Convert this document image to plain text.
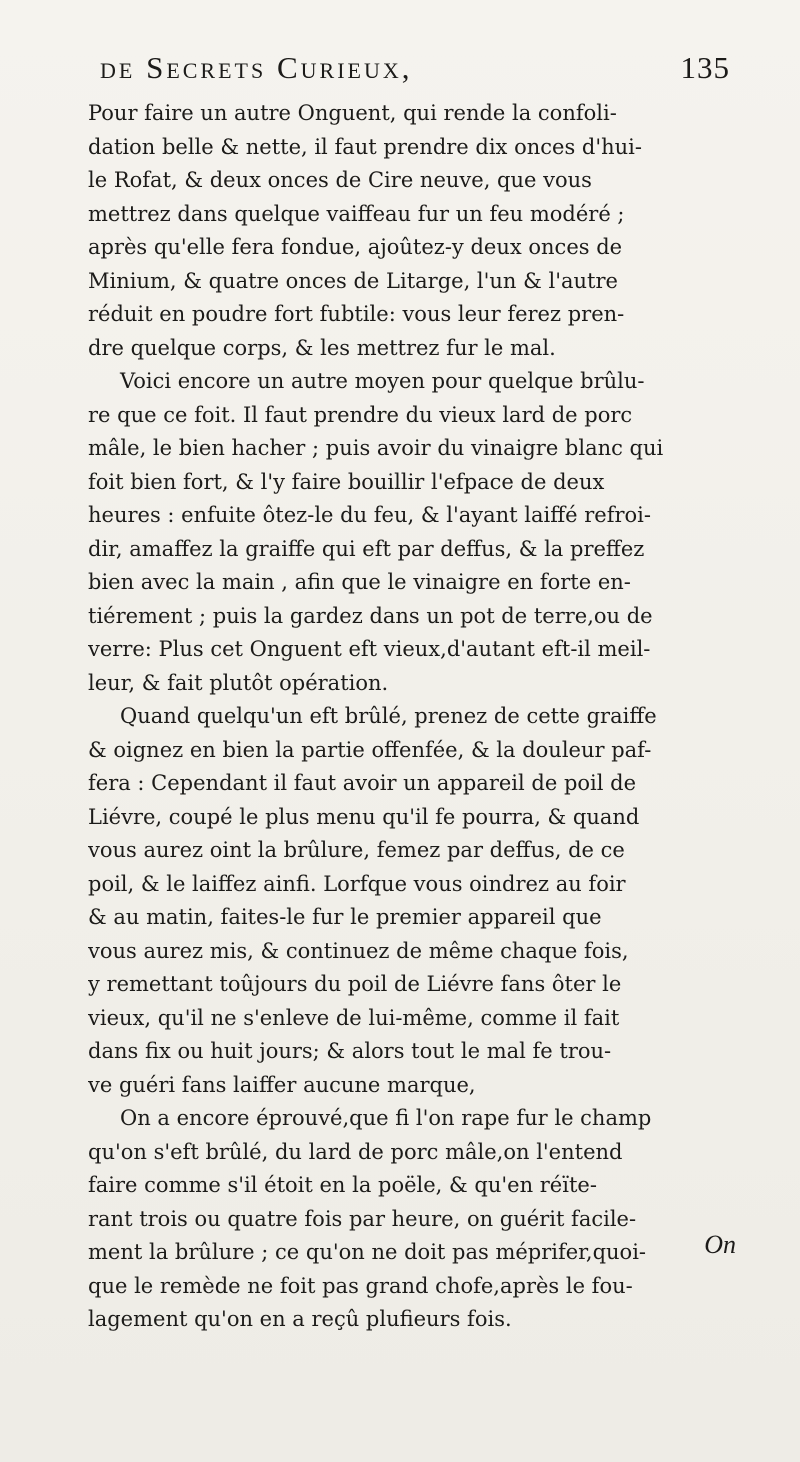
de Secrets Curieux,	135
Pour faire un autre Onguent, qui rende la confoli-
dation belle & nette, il faut prendre dix onces d'hui-
le Rofat, & deux onces de Cire neuve, que vous
mettrez dans quelque vaiffeau fur un feu modéré ;
après qu'elle fera fondue, ajoûtez-y deux onces de
Minium, & quatre onces de Litarge, l'un & l'autre
réduit en poudre fort fubtile: vous leur ferez pren-
dre quelque corps, & les mettrez fur le mal.
Voici encore un autre moyen pour quelque brûlu-
re que ce foit. Il faut prendre du vieux lard de porc
mâle, le bien hacher ; puis avoir du vinaigre blanc qui
foit bien fort, & l'y faire bouillir l'efpace de deux
heures : enfuite ôtez-le du feu, & l'ayant laiffé refroi-
dir, amaffez la graiffe qui eft par deffus, & la preffez
bien avec la main , afin que le vinaigre en forte en-
tiérement ; puis la gardez dans un pot de terre,ou de
verre: Plus cet Onguent eft vieux,d'autant eft-il meil-
leur, & fait plutôt opération.
Quand quelqu'un eft brûlé, prenez de cette graiffe
& oignez en bien la partie offenfée, & la douleur paf-
fera : Cependant il faut avoir un appareil de poil de
Liévre, coupé le plus menu qu'il fe pourra, & quand
vous aurez oint la brûlure, femez par deffus, de ce
poil, & le laiffez ainfi. Lorfque vous oindrez au foir
& au matin, faites-le fur le premier appareil que
vous aurez mis, & continuez de même chaque fois,
y remettant toûjours du poil de Liévre fans ôter le
vieux, qu'il ne s'enleve de lui-même, comme il fait
dans fix ou huit jours; & alors tout le mal fe trou-
ve guéri fans laiffer aucune marque,
On a encore éprouvé,que fi l'on rape fur le champ
qu'on s'eft brûlé, du lard de porc mâle,on l'entend
faire comme s'il étoit en la poële, & qu'en réïte-
rant trois ou quatre fois par heure, on guérit facile-
ment la brûlure ; ce qu'on ne doit pas méprifer,quoi-
que le remède ne foit pas grand chofe,après le fou-
lagement qu'on en a reçû plufieurs fois.
On
